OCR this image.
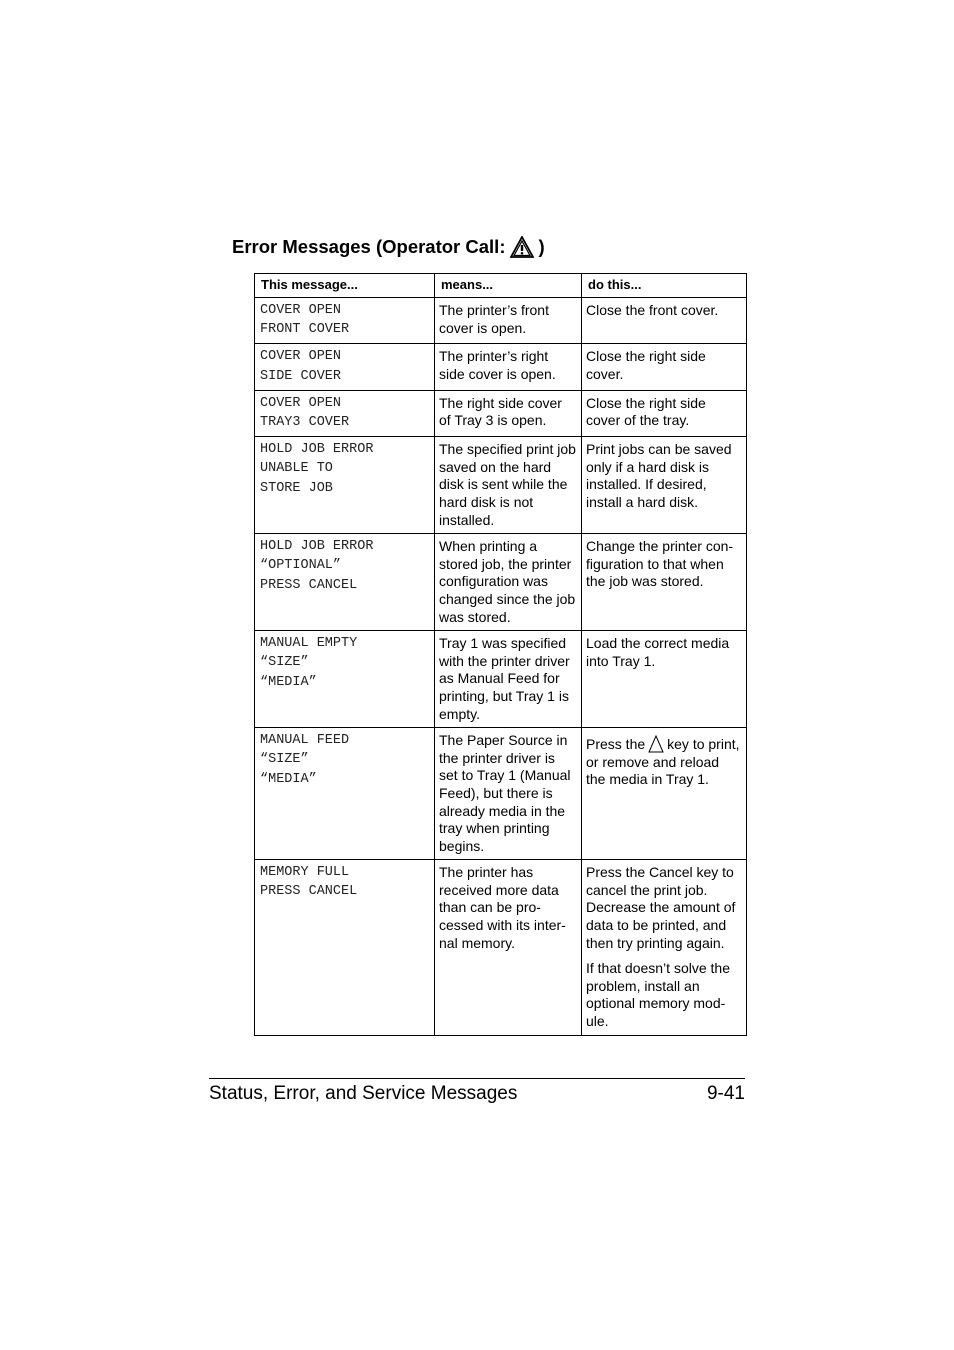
Error Messages (Operator Call: )
This message...	means...	do this...

COVER OPEN
FRONT COVER	The printer’s front cover is open.	Close the front cover.

COVER OPEN
SIDE COVER	The printer’s right side cover is open.	Close the right side cover.

COVER OPEN
TRAY3 COVER	The right side cover of Tray 3 is open.	Close the right side cover of the tray.

HOLD JOB ERROR
UNABLE TO
STORE JOB	The specified print job saved on the hard disk is sent while the hard disk is not installed.	Print jobs can be saved only if a hard disk is installed. If desired, install a hard disk.

HOLD JOB ERROR
“OPTIONAL”
PRESS CANCEL	When printing a stored job, the printer configuration was changed since the job was stored.	Change the printer con-figuration to that when the job was stored.

MANUAL EMPTY
“SIZE”
“MEDIA”	Tray 1 was specified with the printer driver as Manual Feed for printing, but Tray 1 is empty.	Load the correct media into Tray 1.

MANUAL FEED
“SIZE”
“MEDIA”	The Paper Source in the printer driver is set to Tray 1 (Manual Feed), but there is already media in the tray when printing begins.	Press the key to print, or remove and reload the media in Tray 1.

MEMORY FULL
PRESS CANCEL	The printer has received more data than can be pro-cessed with its inter-nal memory.	Press the Cancel key to cancel the print job. Decrease the amount of data to be printed, and then try printing again.
If that doesn’t solve the problem, install an optional memory mod-ule.
Status, Error, and Service Messages	9-41
